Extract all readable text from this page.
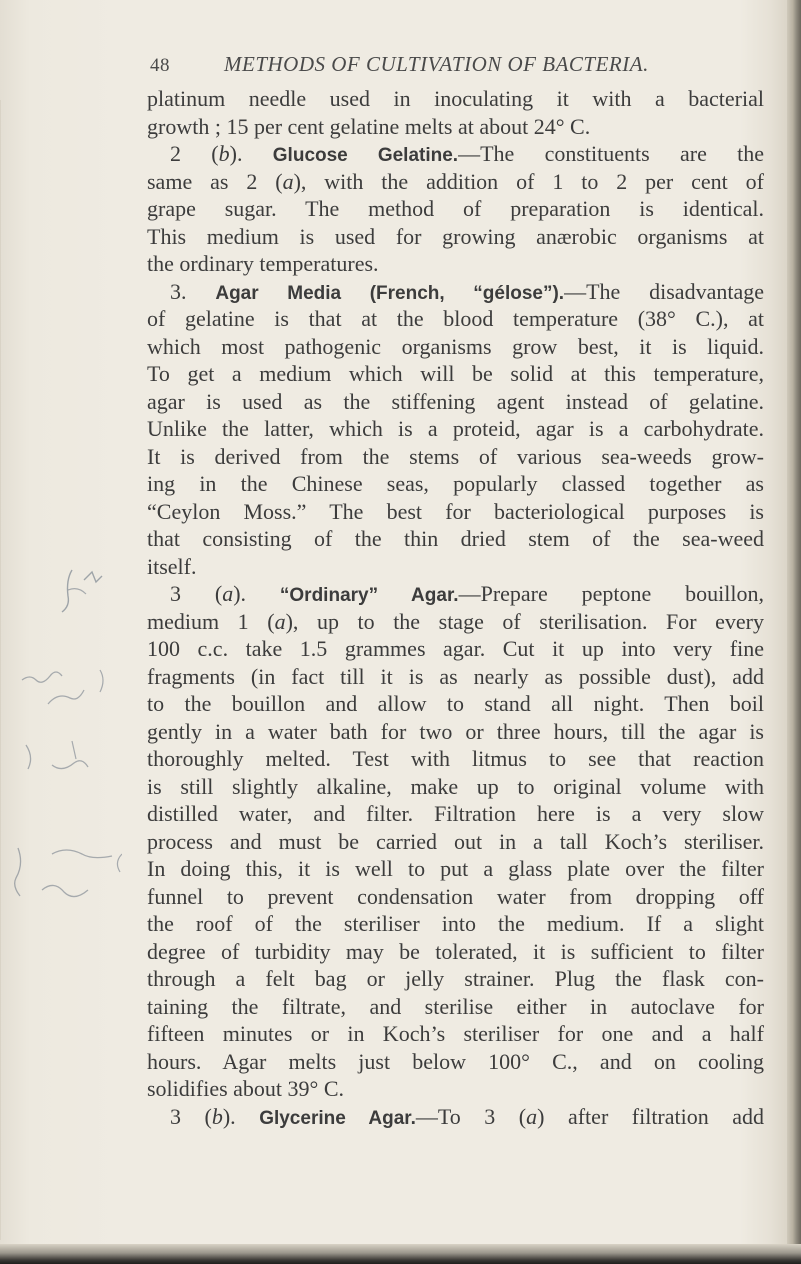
48	METHODS OF CULTIVATION OF BACTERIA.
platinum needle used in inoculating it with a bacterial
growth ; 15 per cent gelatine melts at about 24° C.
2 (b). Glucose Gelatine.—The constituents are the
same as 2 (a), with the addition of 1 to 2 per cent of
grape sugar. The method of preparation is identical.
This medium is used for growing anærobic organisms at
the ordinary temperatures.
3. Agar Media (French, “gélose”).—The disadvantage
of gelatine is that at the blood temperature (38° C.), at
which most pathogenic organisms grow best, it is liquid.
To get a medium which will be solid at this temperature,
agar is used as the stiffening agent instead of gelatine.
Unlike the latter, which is a proteid, agar is a carbohydrate.
It is derived from the stems of various sea-weeds grow-
ing in the Chinese seas, popularly classed together as
“Ceylon Moss.” The best for bacteriological purposes is
that consisting of the thin dried stem of the sea-weed
itself.
3 (a). “Ordinary” Agar.—Prepare peptone bouillon,
medium 1 (a), up to the stage of sterilisation. For every
100 c.c. take 1.5 grammes agar. Cut it up into very fine
fragments (in fact till it is as nearly as possible dust), add
to the bouillon and allow to stand all night. Then boil
gently in a water bath for two or three hours, till the agar is
thoroughly melted. Test with litmus to see that reaction
is still slightly alkaline, make up to original volume with
distilled water, and filter. Filtration here is a very slow
process and must be carried out in a tall Koch’s steriliser.
In doing this, it is well to put a glass plate over the filter
funnel to prevent condensation water from dropping off
the roof of the steriliser into the medium. If a slight
degree of turbidity may be tolerated, it is sufficient to filter
through a felt bag or jelly strainer. Plug the flask con-
taining the filtrate, and sterilise either in autoclave for
fifteen minutes or in Koch’s steriliser for one and a half
hours. Agar melts just below 100° C., and on cooling
solidifies about 39° C.
3 (b). Glycerine Agar.—To 3 (a) after filtration add
